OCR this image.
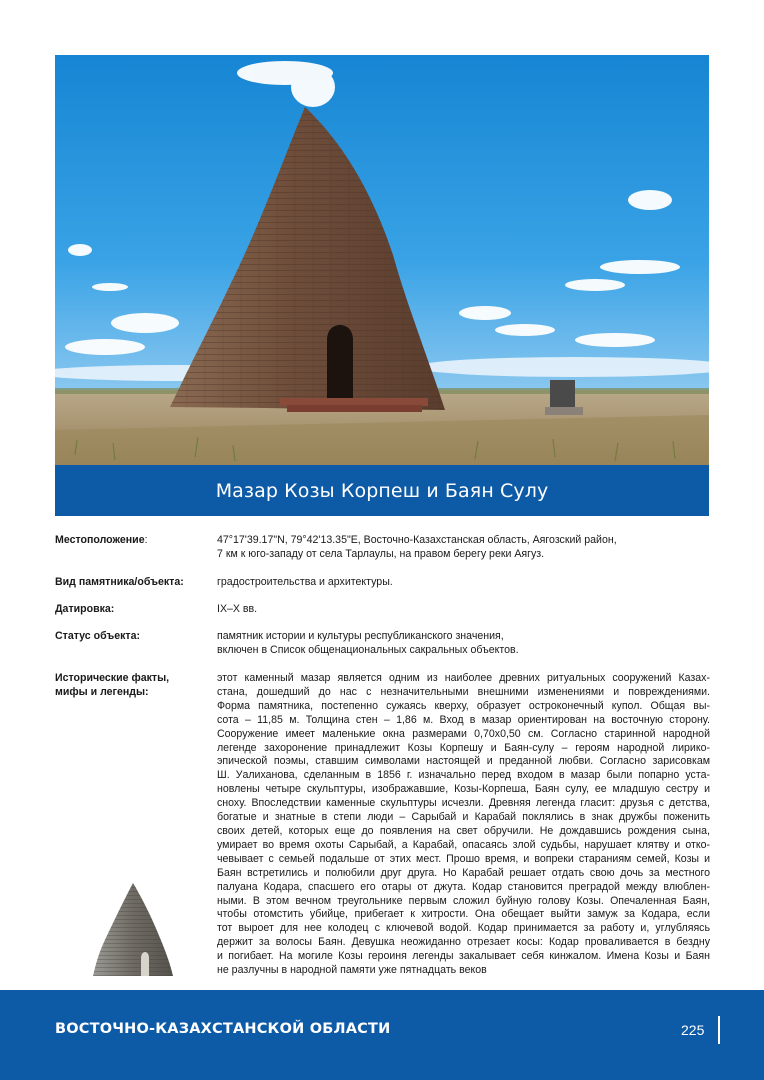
Мазар Козы Корпеш и Баян Сулу
Местоположение:	47°17'39.17"N, 79°42'13.35"E, Восточно-Казахстанская область, Аягозский район,
7 км к юго-западу от села Тарлаулы, на правом берегу реки Аягуз.
Вид памятника/объекта:	градостроительства и архитектуры.
Датировка:	IX–X вв.
Статус объекта:	памятник истории и культуры республиканского значения,
включен в Список общенациональных сакральных объектов.
Исторические факты,
мифы и легенды:
этот каменный мазар является одним из наиболее древних ритуальных сооружений Казах-
стана, дошедший до нас с незначительными внешними изменениями и повреждениями.
Форма памятника, постепенно сужаясь кверху, образует остроконечный купол. Общая вы-
сота – 11,85 м. Толщина стен – 1,86 м. Вход в мазар ориентирован на восточную сторону.
Сооружение имеет маленькие окна размерами 0,70х0,50 см. Согласно старинной народной
легенде захоронение принадлежит Козы Корпешу и Баян-сулу – героям народной лирико-
эпической поэмы, ставшим символами настоящей и преданной любви. Согласно зарисовкам
Ш. Уалиханова, сделанным в 1856 г. изначально перед входом в мазар были попарно уста-
новлены четыре скульптуры, изображавшие, Козы-Корпеша, Баян сулу, ее младшую сестру и
сноху. Впоследствии каменные скульптуры исчезли. Древняя легенда гласит: друзья с детства,
богатые и знатные в степи люди – Сарыбай и Карабай поклялись в знак дружбы поженить
своих детей, которых еще до появления на свет обручили. Не дождавшись рождения сына,
умирает во время охоты Сарыбай, а Карабай, опасаясь злой судьбы, нарушает клятву и отко-
чевывает с семьей подальше от этих мест. Прошо время, и вопреки стараниям семей, Козы и
Баян встретились и полюбили друг друга. Но Карабай решает отдать свою дочь за местного
палуана Кодара, спасшего его отары от джута. Кодар становится преградой между влюблен-
ными. В этом вечном треугольнике первым сложил буйную голову Козы. Опечаленная Баян,
чтобы отомстить убийце, прибегает к хитрости. Она обещает выйти замуж за Кодара, если
тот выроет для нее колодец с ключевой водой. Кодар принимается за работу и, углубляясь
держит за волосы Баян. Девушка неожиданно отрезает косы: Кодар проваливается в бездну
и погибает. На могиле Козы героиня легенды закалывает себя кинжалом. Имена Козы и Баян
не разлучны в народной памяти уже пятнадцать веков
ВОСТОЧНО-КАЗАХСТАНСКОЙ ОБЛАСТИ	225
